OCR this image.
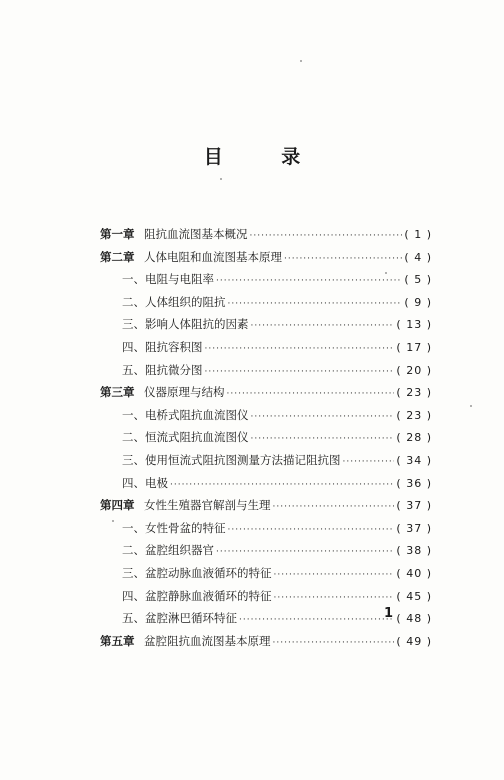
目 录
第一章 阻抗血流图基本概况 ·····	( 1 )
第二章 人体电阻和血流图基本原理 ·····	( 4 )
一、电阻与电阻率 ·····	( 5 )
二、人体组织的阻抗 ·····	( 9 )
三、影响人体阻抗的因素 ·····	( 13 )
四、阻抗容积图 ·····	( 17 )
五、阻抗微分图 ·····	( 20 )
第三章 仪器原理与结构 ·····	( 23 )
一、电桥式阻抗血流图仪 ·····	( 23 )
二、恒流式阻抗血流图仪 ·····	( 28 )
三、使用恒流式阻抗图测量方法描记阻抗图 ·····	( 34 )
四、电极 ·····	( 36 )
第四章 女性生殖器官解剖与生理 ·····	( 37 )
一、女性骨盆的特征 ·····	( 37 )
二、盆腔组织器官 ·····	( 38 )
三、盆腔动脉血液循环的特征 ·····	( 40 )
四、盆腔静脉血液循环的特征 ·····	( 45 )
五、盆腔淋巴循环特征 ·····	( 48 )
第五章 盆腔阻抗血流图基本原理 ·····	( 49 )
1
